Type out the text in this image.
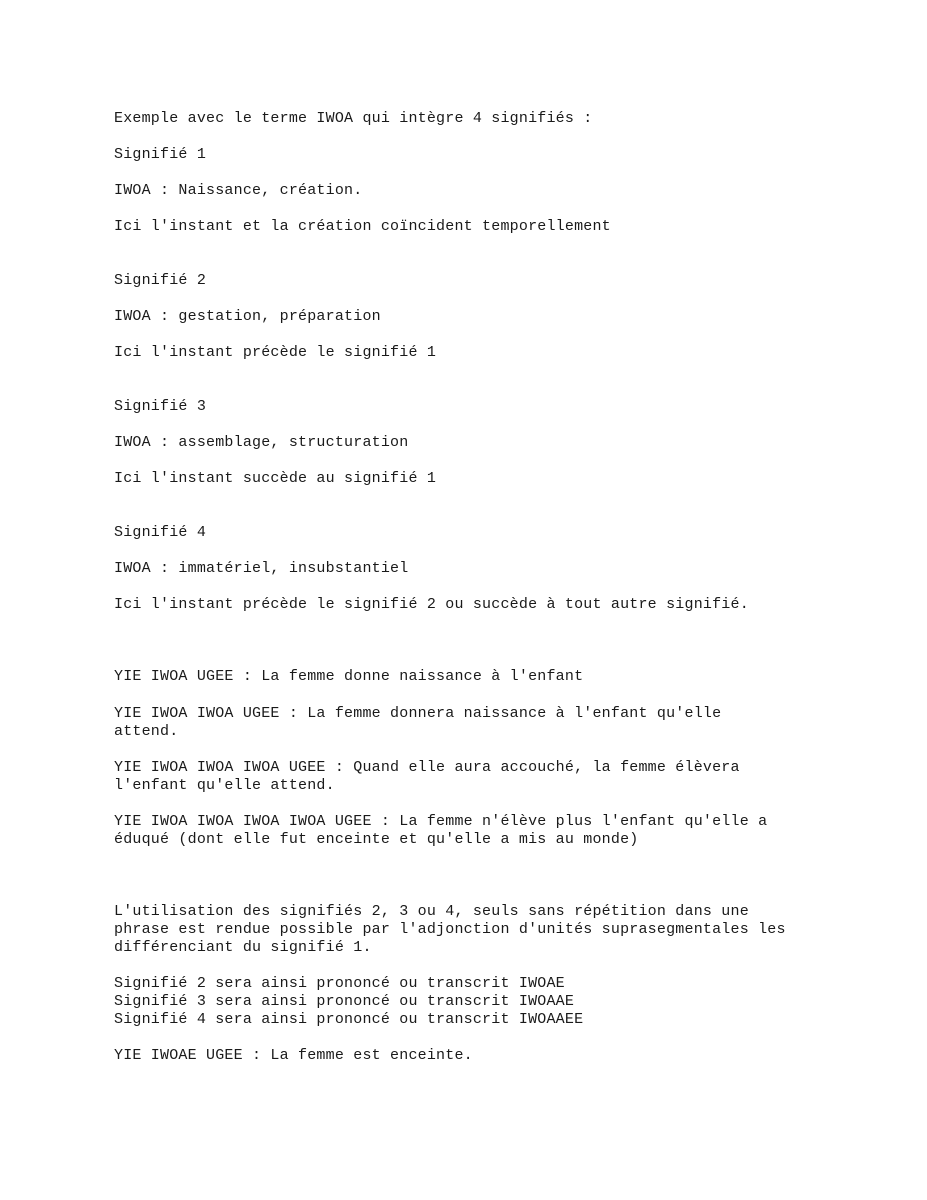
Exemple avec le terme IWOA qui intègre 4 signifiés :
Signifié 1
IWOA : Naissance, création.
Ici l'instant et la création coïncident temporellement
Signifié 2
IWOA : gestation, préparation
Ici l'instant précède le signifié 1
Signifié 3
IWOA : assemblage, structuration
Ici l'instant succède au signifié 1
Signifié 4
IWOA : immatériel, insubstantiel
Ici l'instant précède le signifié 2 ou succède à tout autre signifié.
YIE IWOA UGEE : La femme donne naissance à l'enfant
YIE IWOA IWOA UGEE : La femme donnera naissance à l'enfant qu'elle
attend.
YIE IWOA IWOA IWOA UGEE : Quand elle aura accouché, la femme élèvera
l'enfant qu'elle attend.
YIE IWOA IWOA IWOA IWOA UGEE : La femme n'élève plus l'enfant qu'elle a
éduqué (dont elle fut enceinte et qu'elle a mis au monde)
L'utilisation des signifiés 2, 3 ou 4, seuls sans répétition dans une
phrase est rendue possible par l'adjonction d'unités suprasegmentales les
différenciant du signifié 1.
Signifié 2 sera ainsi prononcé ou transcrit IWOAE
Signifié 3 sera ainsi prononcé ou transcrit IWOAAE
Signifié 4 sera ainsi prononcé ou transcrit IWOAAEE
YIE IWOAE UGEE : La femme est enceinte.
